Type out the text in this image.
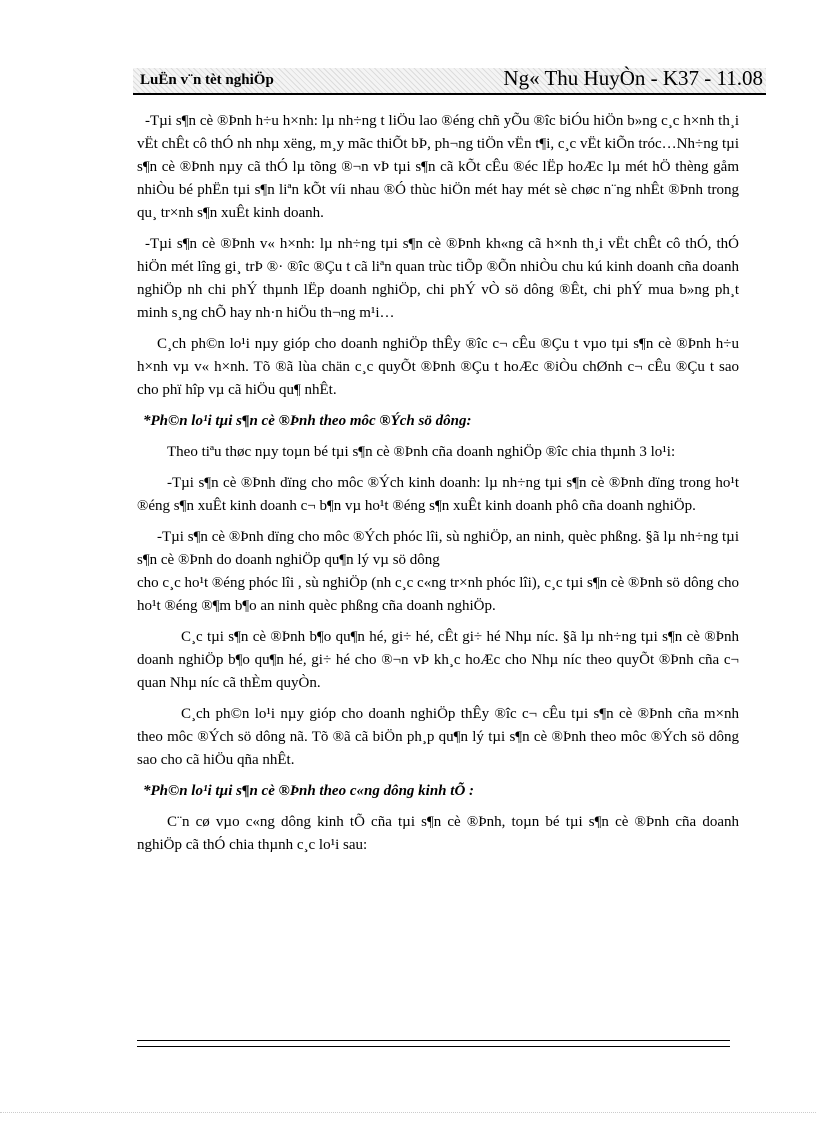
LuËn v¨n tèt nghiÖp	Ng« Thu HuyÒn - K37 - 11.08

-Tµi s¶n cè ®Þnh h÷u h×nh: lµ nh÷ng t liÖu lao ®éng chñ yÕu ®îc biÓu hiÖn b»ng c¸c h×nh th¸i vËt chÊt cô thÓ nh nhµ xëng, m¸y mãc thiÕt bÞ, ph¬ng tiÖn vËn t¶i, c¸c vËt kiÕn tróc…Nh÷ng tµi s¶n cè ®Þnh nµy cã thÓ lµ tõng ®¬n vÞ tµi s¶n cã kÕt cÊu ®éc lËp hoÆc lµ mét hÖ thèng gåm nhiÒu bé phËn tµi s¶n liªn kÕt víi nhau ®Ó thùc hiÖn mét hay mét sè chøc n¨ng nhÊt ®Þnh trong qu¸ tr×nh s¶n xuÊt kinh doanh.

-Tµi s¶n cè ®Þnh v« h×nh: lµ nh÷ng tµi s¶n cè ®Þnh kh«ng cã h×nh th¸i vËt chÊt cô thÓ, thÓ hiÖn mét lîng gi¸ trÞ ®· ®îc ®Çu t cã liªn quan trùc tiÕp ®Õn nhiÒu chu kú kinh doanh cña doanh nghiÖp nh chi phÝ thµnh lËp doanh nghiÖp, chi phÝ vÒ sö dông ®Êt, chi phÝ mua b»ng ph¸t minh s¸ng chÕ hay nh·n hiÖu th¬ng m¹i…

C¸ch ph©n lo¹i nµy gióp cho doanh nghiÖp thÊy ®îc c¬ cÊu ®Çu t vµo tµi s¶n cè ®Þnh h÷u h×nh vµ v« h×nh. Tõ ®ã lùa chän c¸c quyÕt ®Þnh ®Çu t hoÆc ®iÒu chØnh c¬ cÊu ®Çu t sao cho phï hîp vµ cã hiÖu qu¶ nhÊt.

*Ph©n lo¹i tµi s¶n cè ®Þnh theo môc ®Ých sö dông:

Theo tiªu thøc nµy toµn bé tµi s¶n cè ®Þnh cña doanh nghiÖp ®îc chia thµnh 3 lo¹i:

-Tµi s¶n cè ®Þnh dïng cho môc ®Ých kinh doanh: lµ nh÷ng tµi s¶n cè ®Þnh dïng trong ho¹t ®éng s¶n xuÊt kinh doanh c¬ b¶n vµ ho¹t ®éng s¶n xuÊt kinh doanh phô cña doanh nghiÖp.

-Tµi s¶n cè ®Þnh dïng cho môc ®Ých phóc lîi, sù nghiÖp, an ninh, quèc phßng. §ã lµ nh÷ng tµi s¶n cè ®Þnh do doanh nghiÖp qu¶n lý vµ sö dông

cho c¸c ho¹t ®éng phóc lîi , sù nghiÖp (nh c¸c c«ng tr×nh phóc lîi), c¸c tµi s¶n cè ®Þnh sö dông cho ho¹t ®éng ®¶m b¶o an ninh quèc phßng cña doanh nghiÖp.

C¸c tµi s¶n cè ®Þnh b¶o qu¶n hé, gi÷ hé, cÊt gi÷ hé Nhµ níc. §ã lµ nh÷ng tµi s¶n cè ®Þnh doanh nghiÖp b¶o qu¶n hé, gi÷ hé cho ®¬n vÞ kh¸c hoÆc cho Nhµ níc theo quyÕt ®Þnh cña c¬ quan Nhµ níc cã thÈm quyÒn.

C¸ch ph©n lo¹i nµy gióp cho doanh nghiÖp thÊy ®îc c¬ cÊu tµi s¶n cè ®Þnh cña m×nh theo môc ®Ých sö dông nã. Tõ ®ã cã biÖn ph¸p qu¶n lý tµi s¶n cè ®Þnh theo môc ®Ých sö dông sao cho cã hiÖu qña nhÊt.

*Ph©n lo¹i tµi s¶n cè ®Þnh theo c«ng dông kinh tÕ :

C¨n cø vµo c«ng dông kinh tÕ cña tµi s¶n cè ®Þnh, toµn bé tµi s¶n cè ®Þnh cña doanh nghiÖp cã thÓ chia thµnh c¸c lo¹i sau:
